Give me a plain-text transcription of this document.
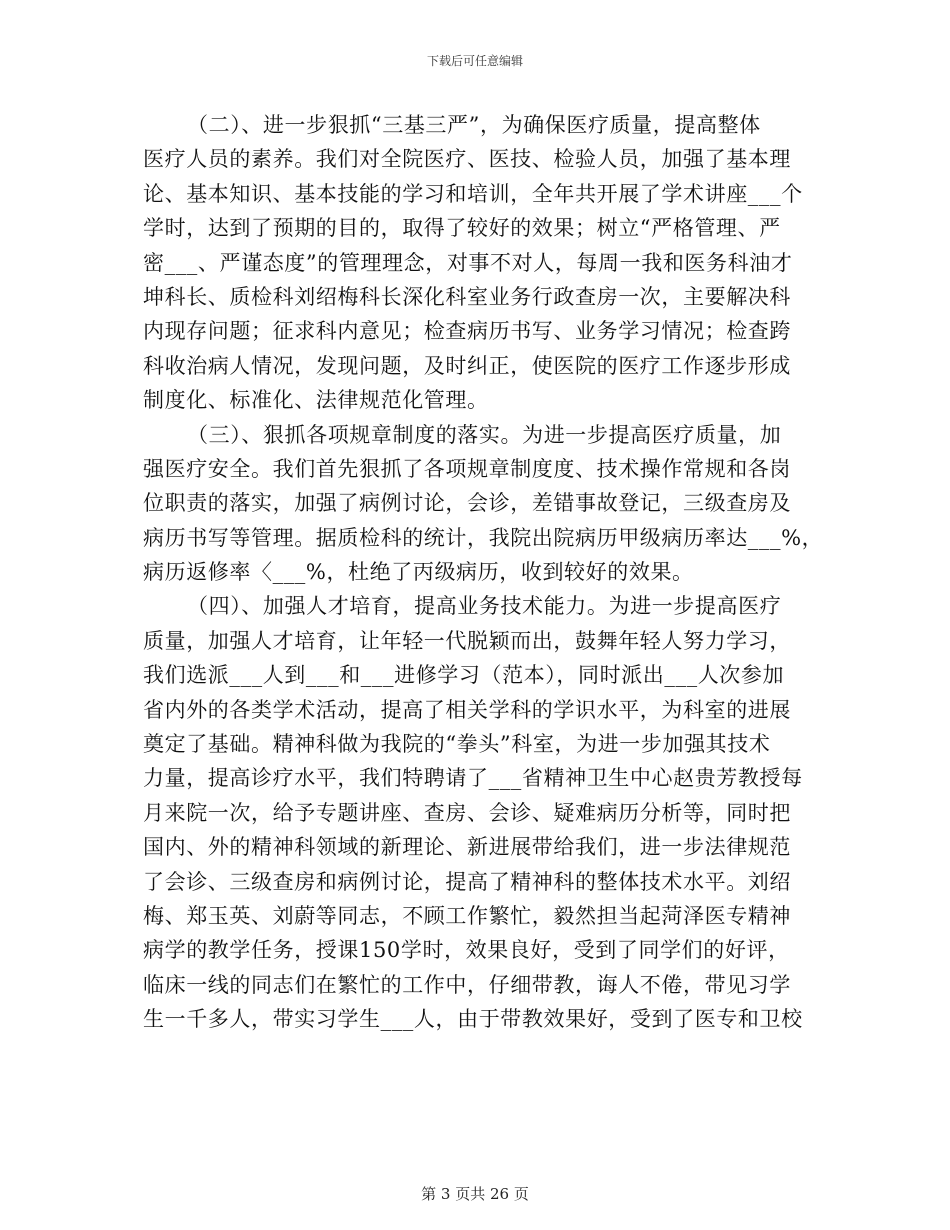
下载后可任意编辑
（二）、进一步狠抓“三基三严”，为确保医疗质量，提高整体
医疗人员的素养。我们对全院医疗、医技、检验人员，加强了基本理
论、基本知识、基本技能的学习和培训，全年共开展了学术讲座___个
学时，达到了预期的目的，取得了较好的效果；树立“严格管理、严
密___、严谨态度”的管理理念，对事不对人，每周一我和医务科油才
坤科长、质检科刘绍梅科长深化科室业务行政查房一次，主要解决科
内现存问题；征求科内意见；检查病历书写、业务学习情况；检查跨
科收治病人情况，发现问题，及时纠正，使医院的医疗工作逐步形成
制度化、标准化、法律规范化管理。
（三）、狠抓各项规章制度的落实。为进一步提高医疗质量，加
强医疗安全。我们首先狠抓了各项规章制度度、技术操作常规和各岗
位职责的落实，加强了病例讨论，会诊，差错事故登记，三级查房及
病历书写等管理。据质检科的统计，我院出院病历甲级病历率达___%，
病历返修率〈___%，杜绝了丙级病历，收到较好的效果。
（四）、加强人才培育，提高业务技术能力。为进一步提高医疗
质量，加强人才培育，让年轻一代脱颖而出，鼓舞年轻人努力学习，
我们选派___人到___和___进修学习（范本），同时派出___人次参加
省内外的各类学术活动，提高了相关学科的学识水平，为科室的进展
奠定了基础。精神科做为我院的“拳头”科室，为进一步加强其技术
力量，提高诊疗水平，我们特聘请了___省精神卫生中心赵贵芳教授每
月来院一次，给予专题讲座、查房、会诊、疑难病历分析等，同时把
国内、外的精神科领域的新理论、新进展带给我们，进一步法律规范
了会诊、三级查房和病例讨论，提高了精神科的整体技术水平。刘绍
梅、郑玉英、刘蔚等同志，不顾工作繁忙，毅然担当起菏泽医专精神
病学的教学任务，授课150学时，效果良好，受到了同学们的好评，
临床一线的同志们在繁忙的工作中，仔细带教，诲人不倦，带见习学
生一千多人，带实习学生___人，由于带教效果好，受到了医专和卫校
第 3 页共 26 页
